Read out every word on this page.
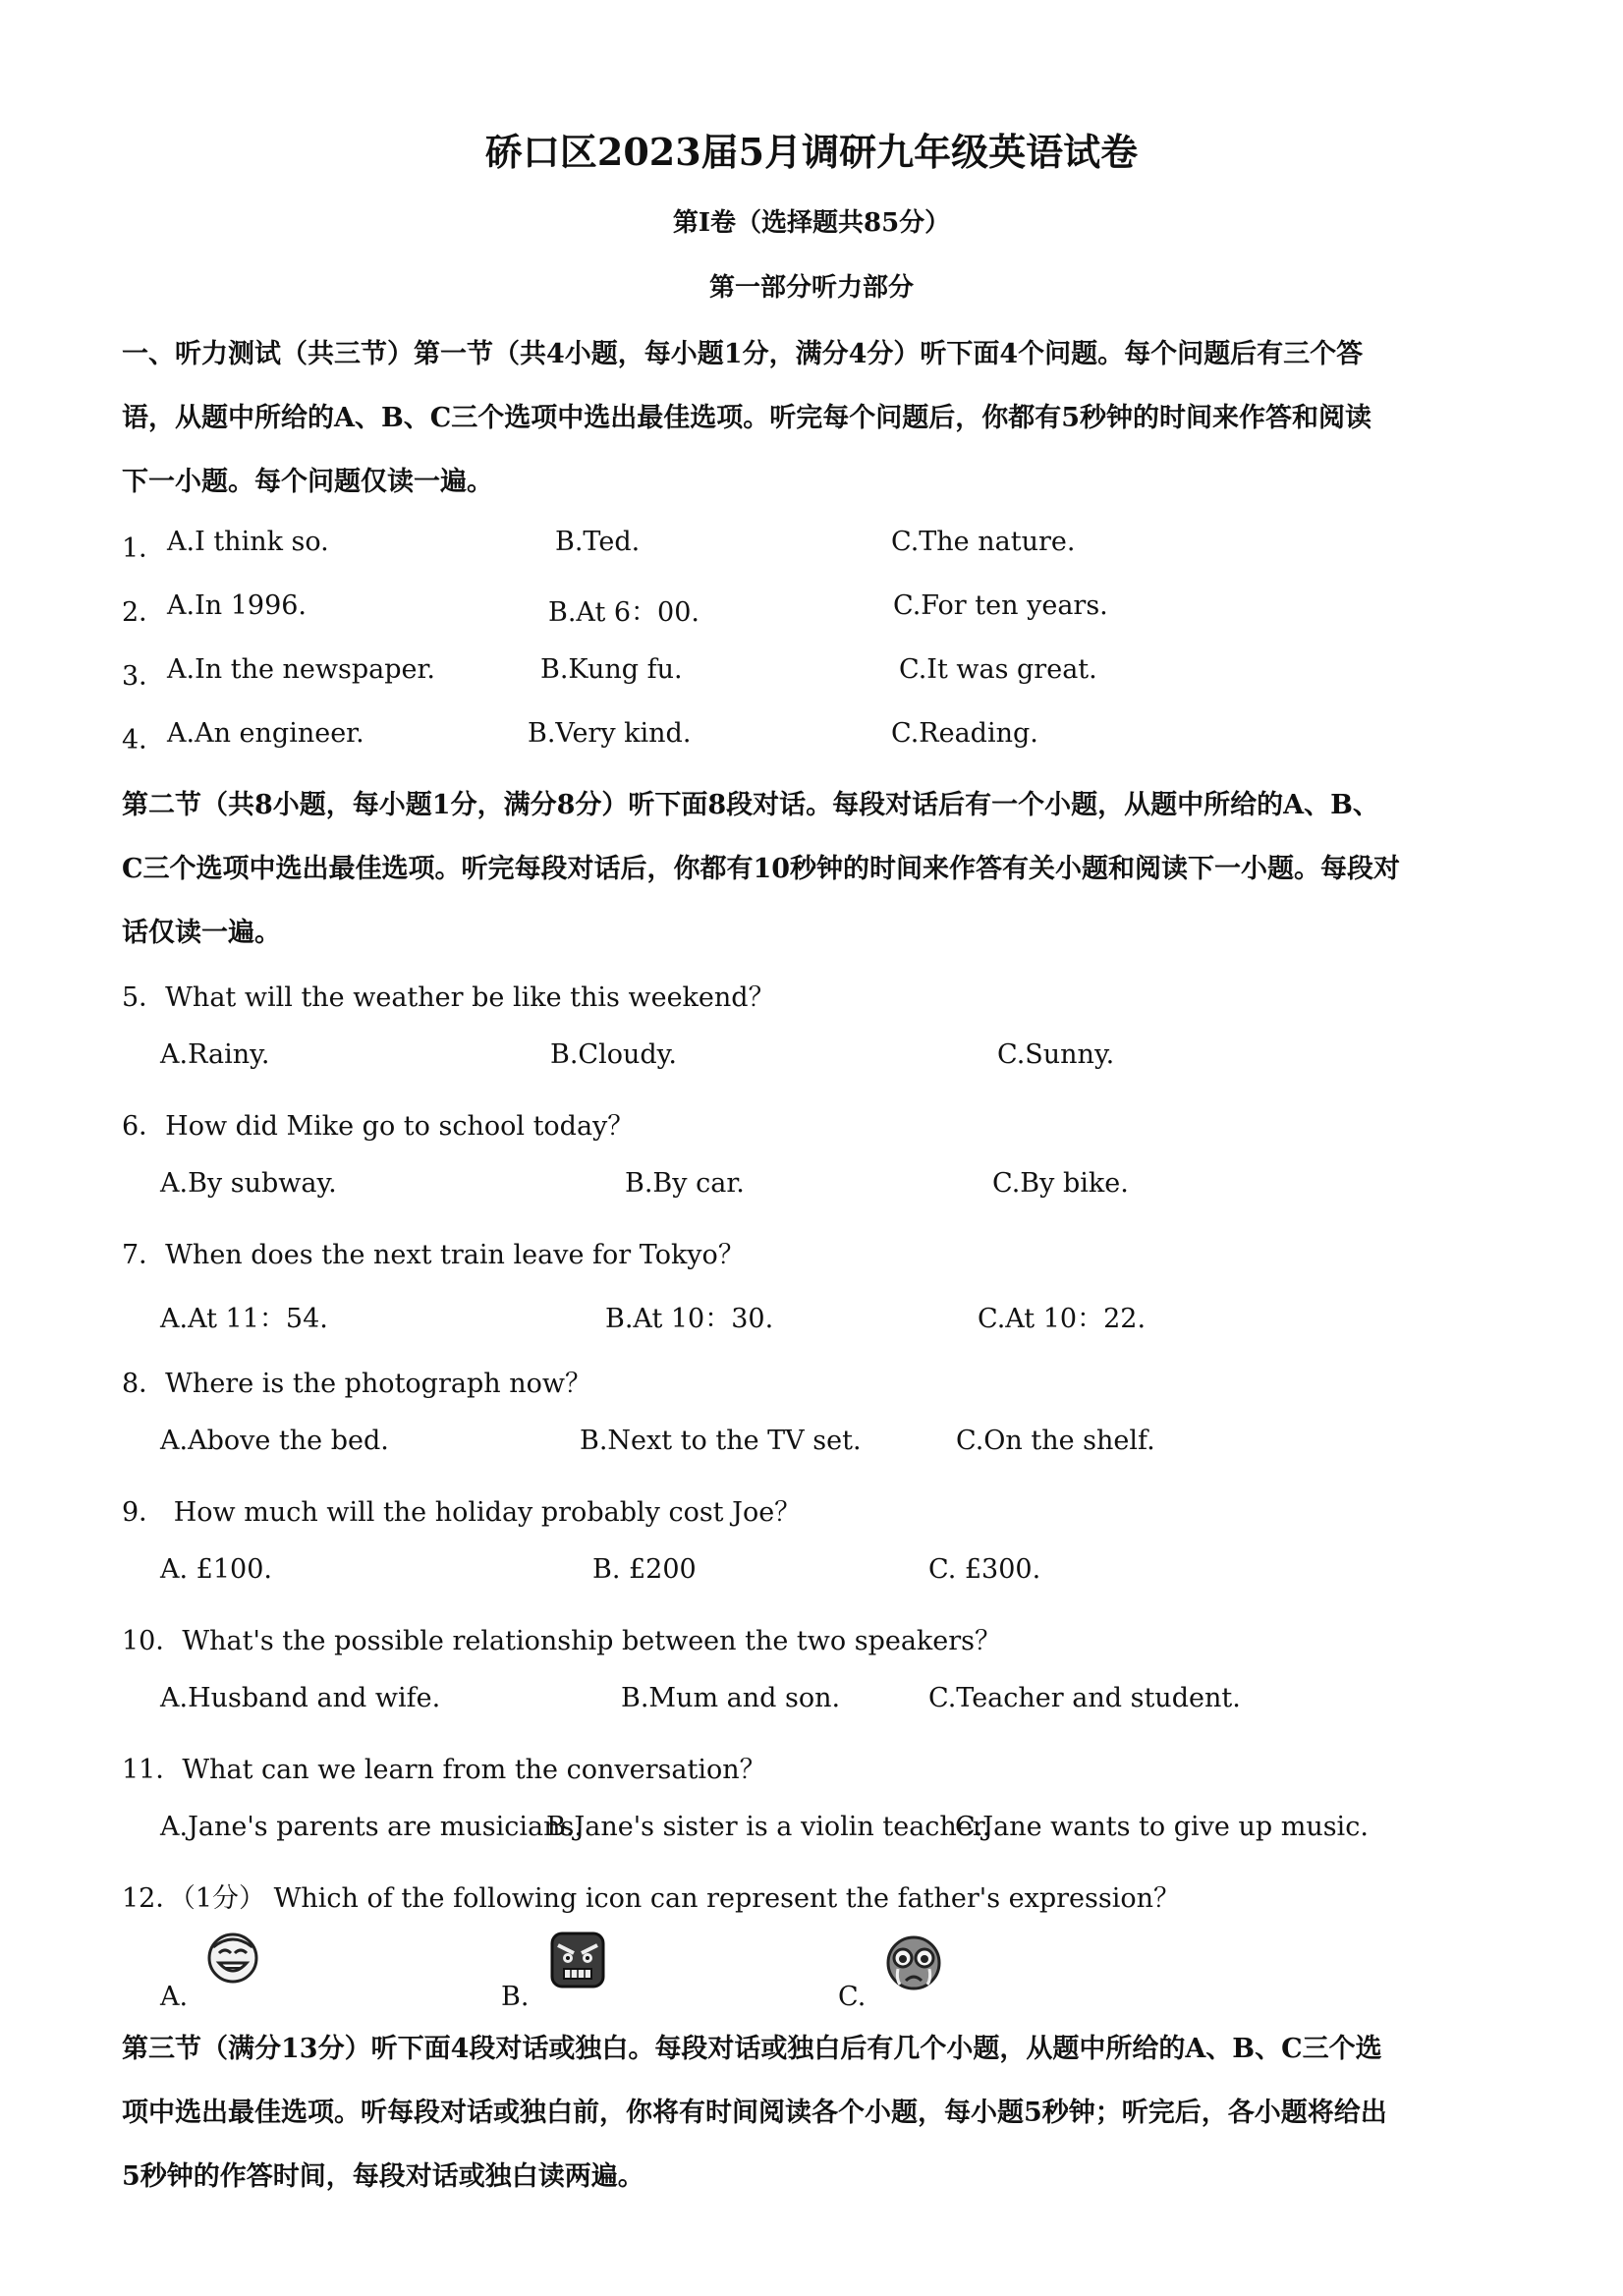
硚口区2023届5月调研九年级英语试卷
第I卷（选择题共85分）
第一部分听力部分
一、听力测试（共三节）第一节（共4小题，每小题1分，满分4分）听下面4个问题。每个问题后有三个答
语，从题中所给的A、B、C三个选项中选出最佳选项。听完每个问题后，你都有5秒钟的时间来作答和阅读
下一小题。每个问题仅读一遍。
1． A.I think so.	B.Ted.	C.The nature.
2． A.In 1996.	B.At 6：00.	C.For ten years.
3． A.In the newspaper.	B.Kung fu.	C.It was great.
4． A.An engineer.	B.Very kind.	C.Reading.
第二节（共8小题，每小题1分，满分8分）听下面8段对话。每段对话后有一个小题，从题中所给的A、B、
C三个选项中选出最佳选项。听完每段对话后，你都有10秒钟的时间来作答有关小题和阅读下一小题。每段对
话仅读一遍。
5．What will the weather be like this weekend？
A.Rainy.	B.Cloudy.	C.Sunny.
6．How did Mike go to school today？
A.By subway.	B.By car.	C.By bike.
7．When does the next train leave for Tokyo？
A.At 11：54.	B.At 10：30.	C.At 10：22.
8．Where is the photograph now？
A.Above the bed.	B.Next to the TV set.	C.On the shelf.
9． How much will the holiday probably cost Joe？
A. £100.	B. £200	C. £300.
10．What's the possible relationship between the two speakers？
A.Husband and wife.	B.Mum and son.	C.Teacher and student.
11．What can we learn from the conversation？
A.Jane's parents are musicians.
B.Jane's sister is a violin teacher.
C.Jane wants to give up music.
12．（1分） Which of the following icon can represent the father's expression？
A.	B.	C.
第三节（满分13分）听下面4段对话或独白。每段对话或独白后有几个小题，从题中所给的A、B、C三个选
项中选出最佳选项。听每段对话或独白前，你将有时间阅读各个小题，每小题5秒钟；听完后，各小题将给出
5秒钟的作答时间，每段对话或独白读两遍。
